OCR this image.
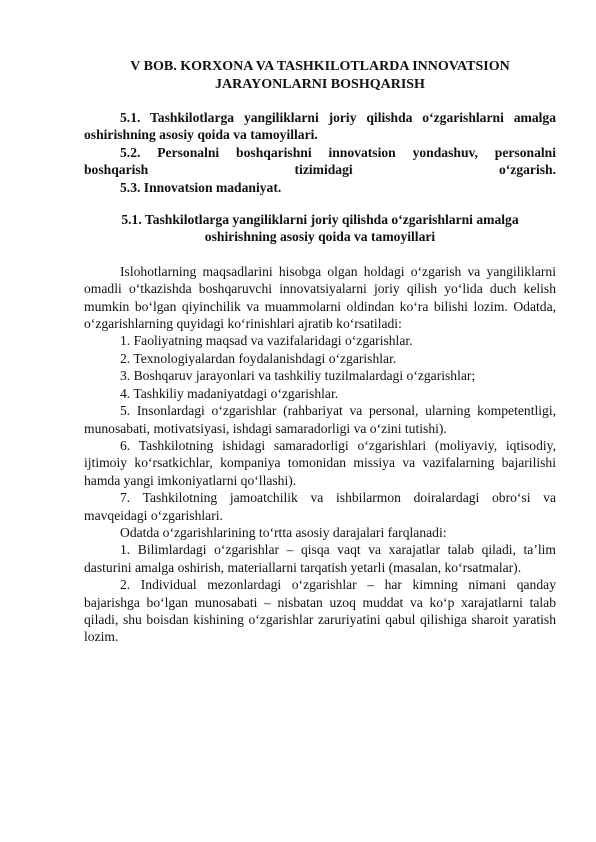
V BOB. KORXONA VA TASHKILOTLARDA INNOVATSION JARAYONLARNI BOSHQARISH

5.1. Tashkilotlarga yangiliklarni joriy qilishda o‘zgarishlarni amalga oshirishning asosiy qoida va tamoyillari.

5.2. Personalni boshqarishni innovatsion yondashuv, personalni boshqarish tizimidagi o‘zgarish.

5.3. Innovatsion madaniyat.

5.1. Tashkilotlarga yangiliklarni joriy qilishda o‘zgarishlarni amalga oshirishning asosiy qoida va tamoyillari

Islohotlarning maqsadlarini hisobga olgan holdagi o‘zgarish va yangiliklarni omadli o‘tkazishda boshqaruvchi innovatsiyalarni joriy qilish yo‘lida duch kelish mumkin bo‘lgan qiyinchilik va muammolarni oldindan ko‘ra bilishi lozim. Odatda, o‘zgarishlarning quyidagi ko‘rinishlari ajratib ko‘rsatiladi:

1. Faoliyatning maqsad va vazifalaridagi o‘zgarishlar.

2. Texnologiyalardan foydalanishdagi o‘zgarishlar.

3. Boshqaruv jarayonlari va tashkiliy tuzilmalardagi o‘zgarishlar;

4. Tashkiliy madaniyatdagi o‘zgarishlar.

5. Insonlardagi o‘zgarishlar (rahbariyat va personal, ularning kompetentligi, munosabati, motivatsiyasi, ishdagi samaradorligi va o‘zini tutishi).

6. Tashkilotning ishidagi samaradorligi o‘zgarishlari (moliyaviy, iqtisodiy, ijtimoiy ko‘rsatkichlar, kompaniya tomonidan missiya va vazifalarning bajarilishi hamda yangi imkoniyatlarni qo‘llashi).

7. Tashkilotning jamoatchilik va ishbilarmon doiralardagi obro‘si va mavqeidagi o‘zgarishlari.

Odatda o‘zgarishlarining to‘rtta asosiy darajalari farqlanadi:

1. Bilimlardagi o‘zgarishlar – qisqa vaqt va xarajatlar talab qiladi, ta’lim dasturini amalga oshirish, materiallarni tarqatish yetarli (masalan, ko‘rsatmalar).

2. Individual mezonlardagi o‘zgarishlar – har kimning nimani qanday bajarishga bo‘lgan munosabati – nisbatan uzoq muddat va ko‘p xarajatlarni talab qiladi, shu boisdan kishining o‘zgarishlar zaruriyatini qabul qilishiga sharoit yaratish lozim.
